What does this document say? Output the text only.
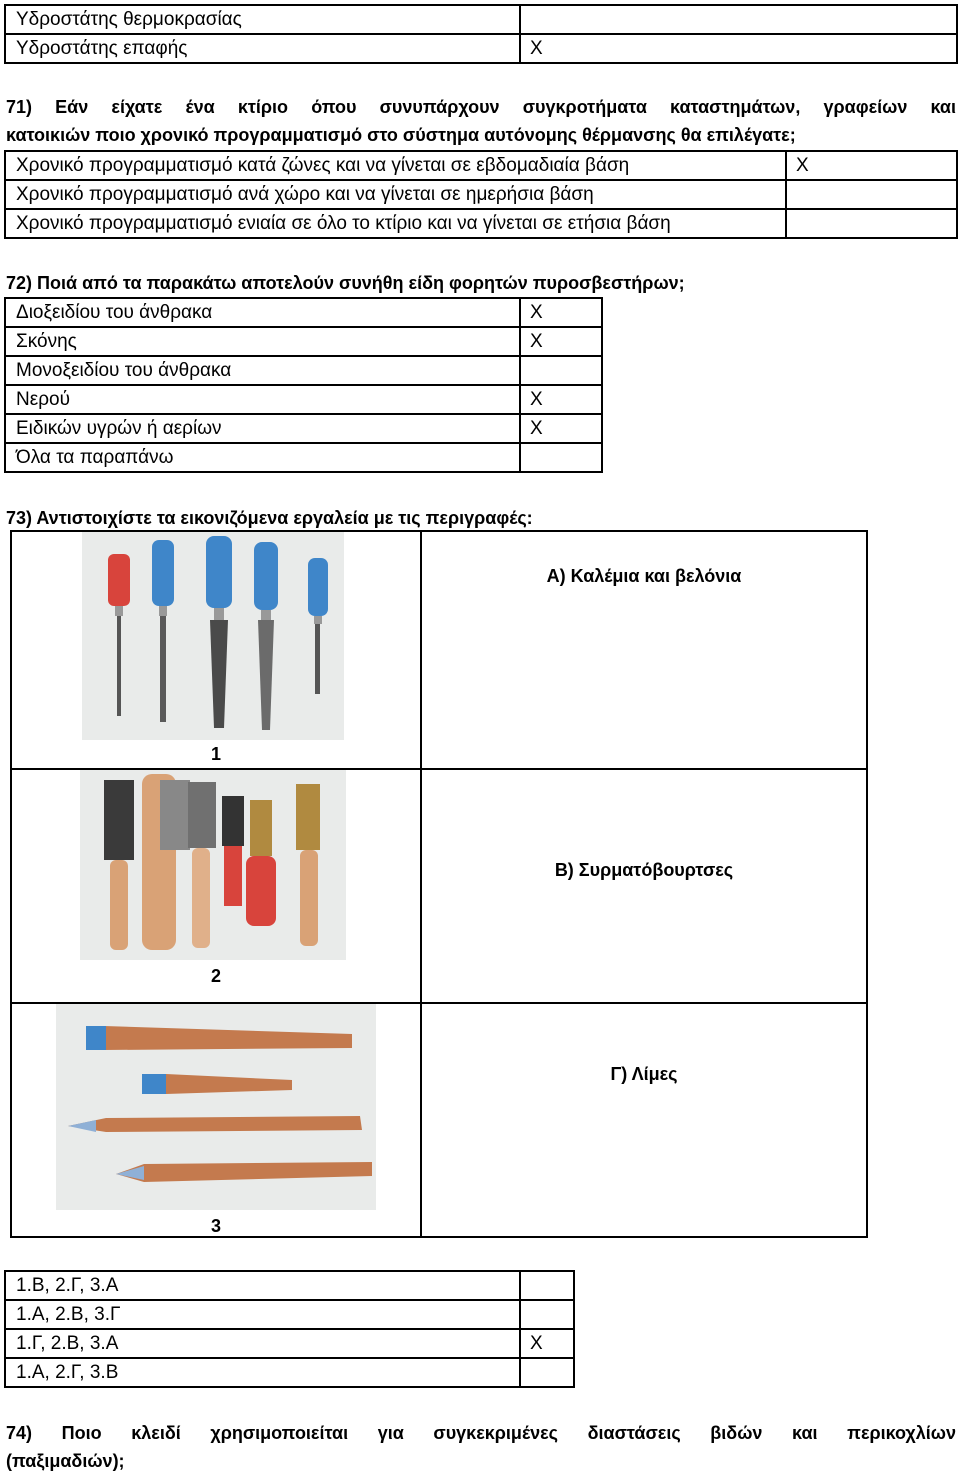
Υδροστάτης θερμοκρασίας	
Υδροστάτης επαφής	X
71) Εάν είχατε ένα κτίριο όπου συνυπάρχουν συγκροτήματα καταστημάτων, γραφείων και
κατοικιών ποιο χρονικό προγραμματισμό στο σύστημα αυτόνομης θέρμανσης θα επιλέγατε;
Χρονικό προγραμματισμό κατά ζώνες και να γίνεται σε εβδομαδιαία βάση	X
Χρονικό προγραμματισμό ανά χώρο και να γίνεται σε ημερήσια βάση	
Χρονικό προγραμματισμό ενιαία σε όλο το κτίριο και να γίνεται σε ετήσια βάση	
72) Ποιά από τα παρακάτω αποτελούν συνήθη είδη φορητών πυροσβεστήρων;
Διοξειδίου του άνθρακα	X
Σκόνης	X
Μονοξειδίου του άνθρακα	
Νερού	X
Ειδικών υγρών ή αερίων	X
Όλα τα παραπάνω	
73) Αντιστοιχίστε τα εικονιζόμενα εργαλεία με τις περιγραφές:
1
Α) Καλέμια και βελόνια
2
Β) Συρματόβουρτσες
3
Γ) Λίμες
1.Β, 2.Γ, 3.Α	
1.Α, 2.Β, 3.Γ	
1.Γ, 2.Β, 3.Α	X
1.Α, 2.Γ, 3.Β	
74) Ποιο κλειδί χρησιμοποιείται για συγκεκριμένες διαστάσεις βιδών και περικοχλίων
(παξιμαδιών);
